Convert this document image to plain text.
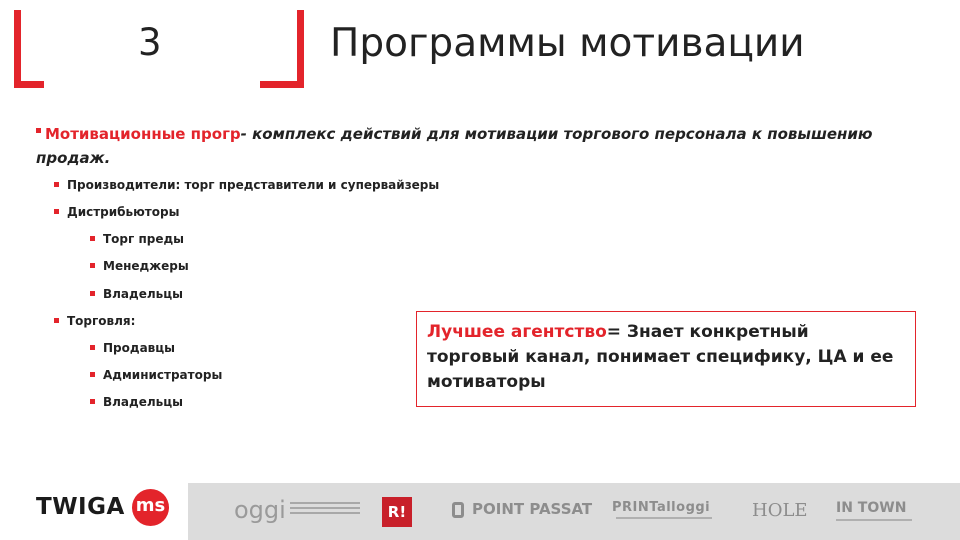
3	Программы мотивации
Мотивационные прогр- комплекс действий для мотивации торгового персонала к повышению
продаж.
Производители: торг представители и супервайзеры
Дистрибьюторы
Торг преды
Менеджеры
Владельцы
Торговля:
Продавцы
Администраторы
Владельцы
Лучшее агентство= Знает конкретный торговый канал, понимает специфику, ЦА и ее мотиваторы
TWIGA ms	oggi	R!	POINT PASSAT PRINTalloggi HOLE IN TOWN
